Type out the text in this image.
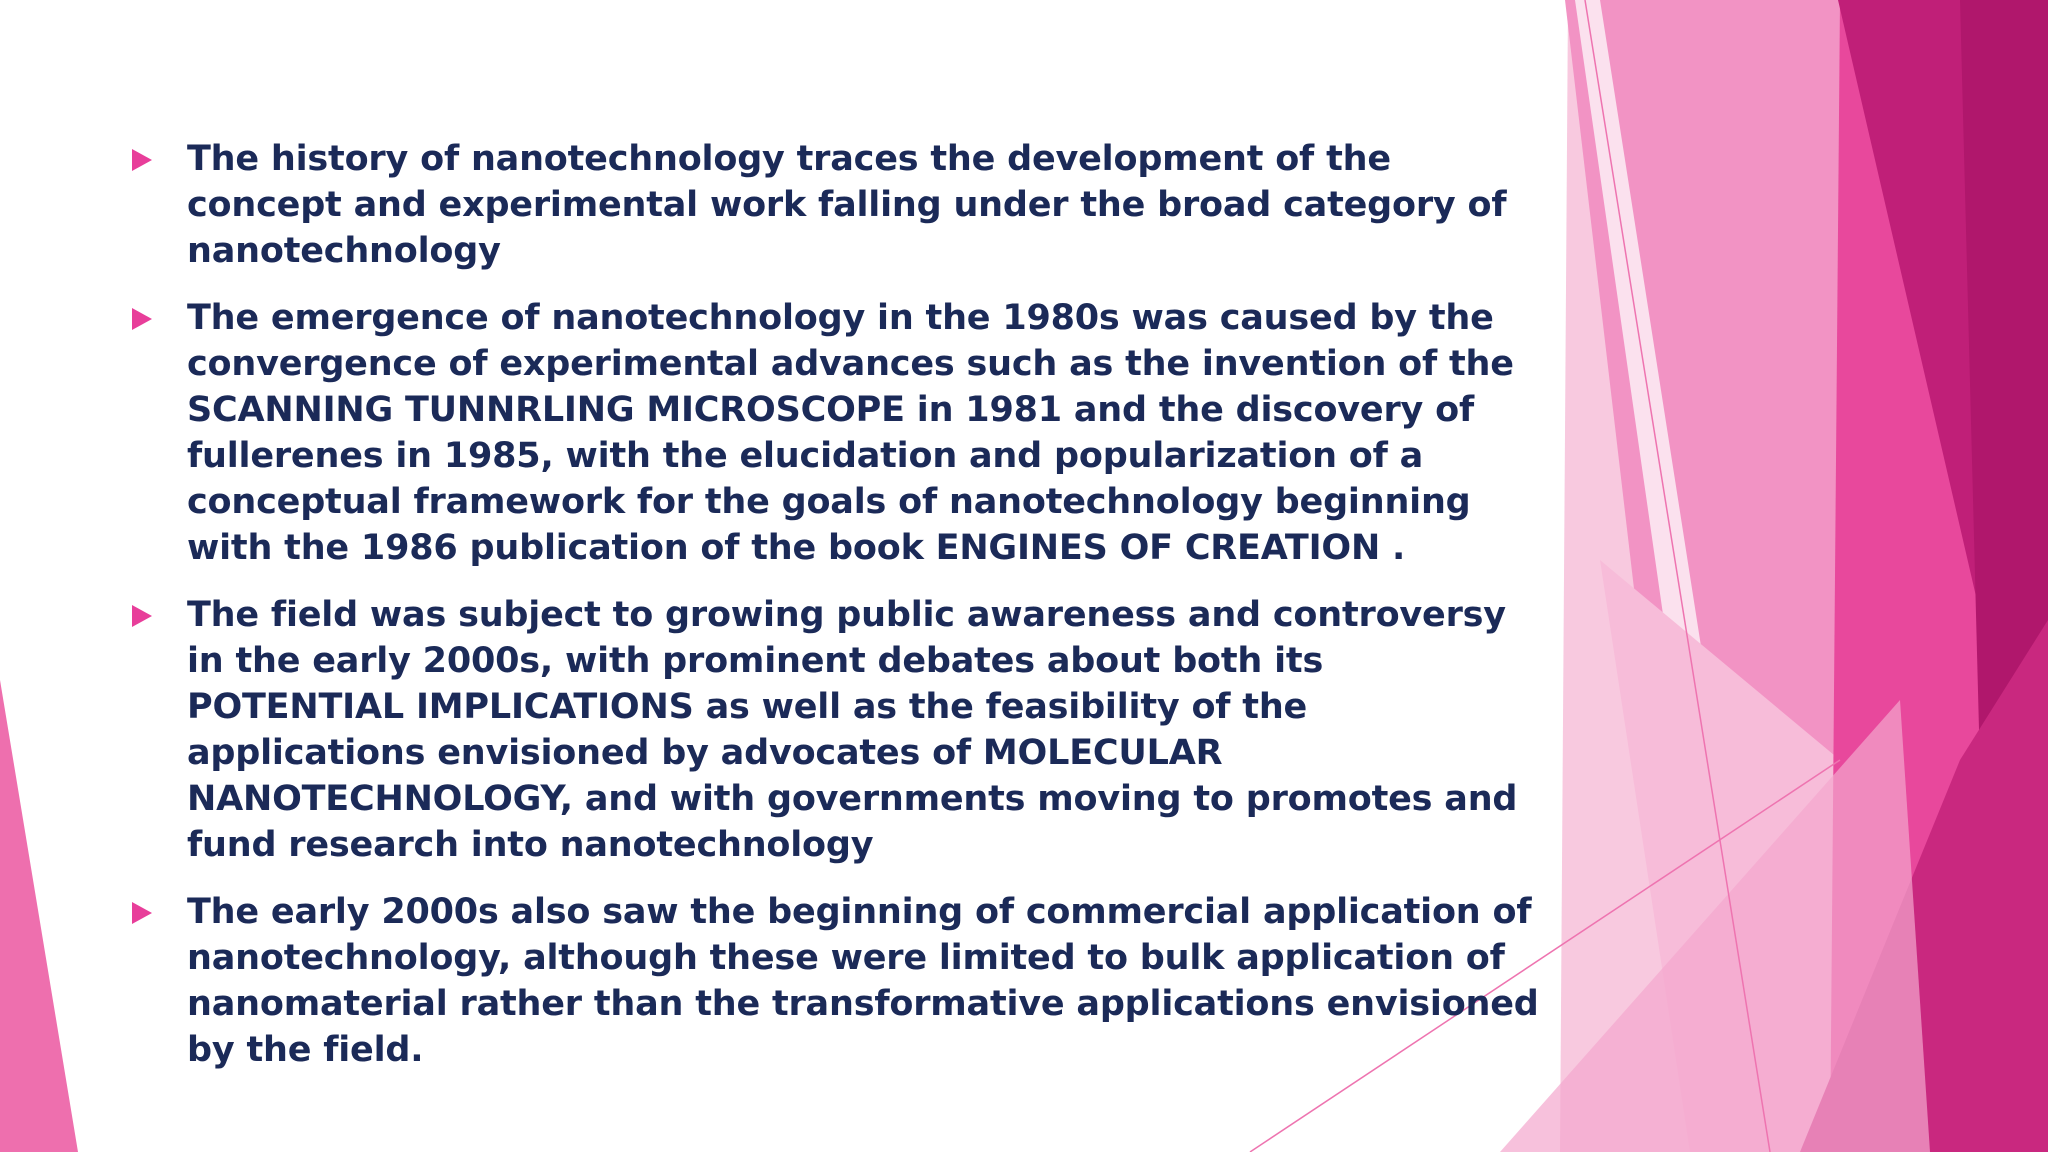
The history of nanotechnology traces the development of the concept and experimental work falling under the broad category of nanotechnology
The emergence of nanotechnology in the 1980s was caused by the convergence of experimental advances such as the invention of the SCANNING TUNNRLING MICROSCOPE in 1981 and the discovery of fullerenes in 1985, with the elucidation and popularization of a conceptual framework for the goals of nanotechnology beginning with the 1986 publication of the book ENGINES OF CREATION .
The field was subject to growing public awareness and controversy in the early 2000s, with prominent debates about both its POTENTIAL IMPLICATIONS as well as the feasibility of the applications envisioned by advocates of MOLECULAR NANOTECHNOLOGY, and with governments moving to promotes and fund research into nanotechnology
The early 2000s also saw the beginning of commercial application of nanotechnology, although these were limited to bulk application of nanomaterial rather than the transformative applications envisioned by the field.
